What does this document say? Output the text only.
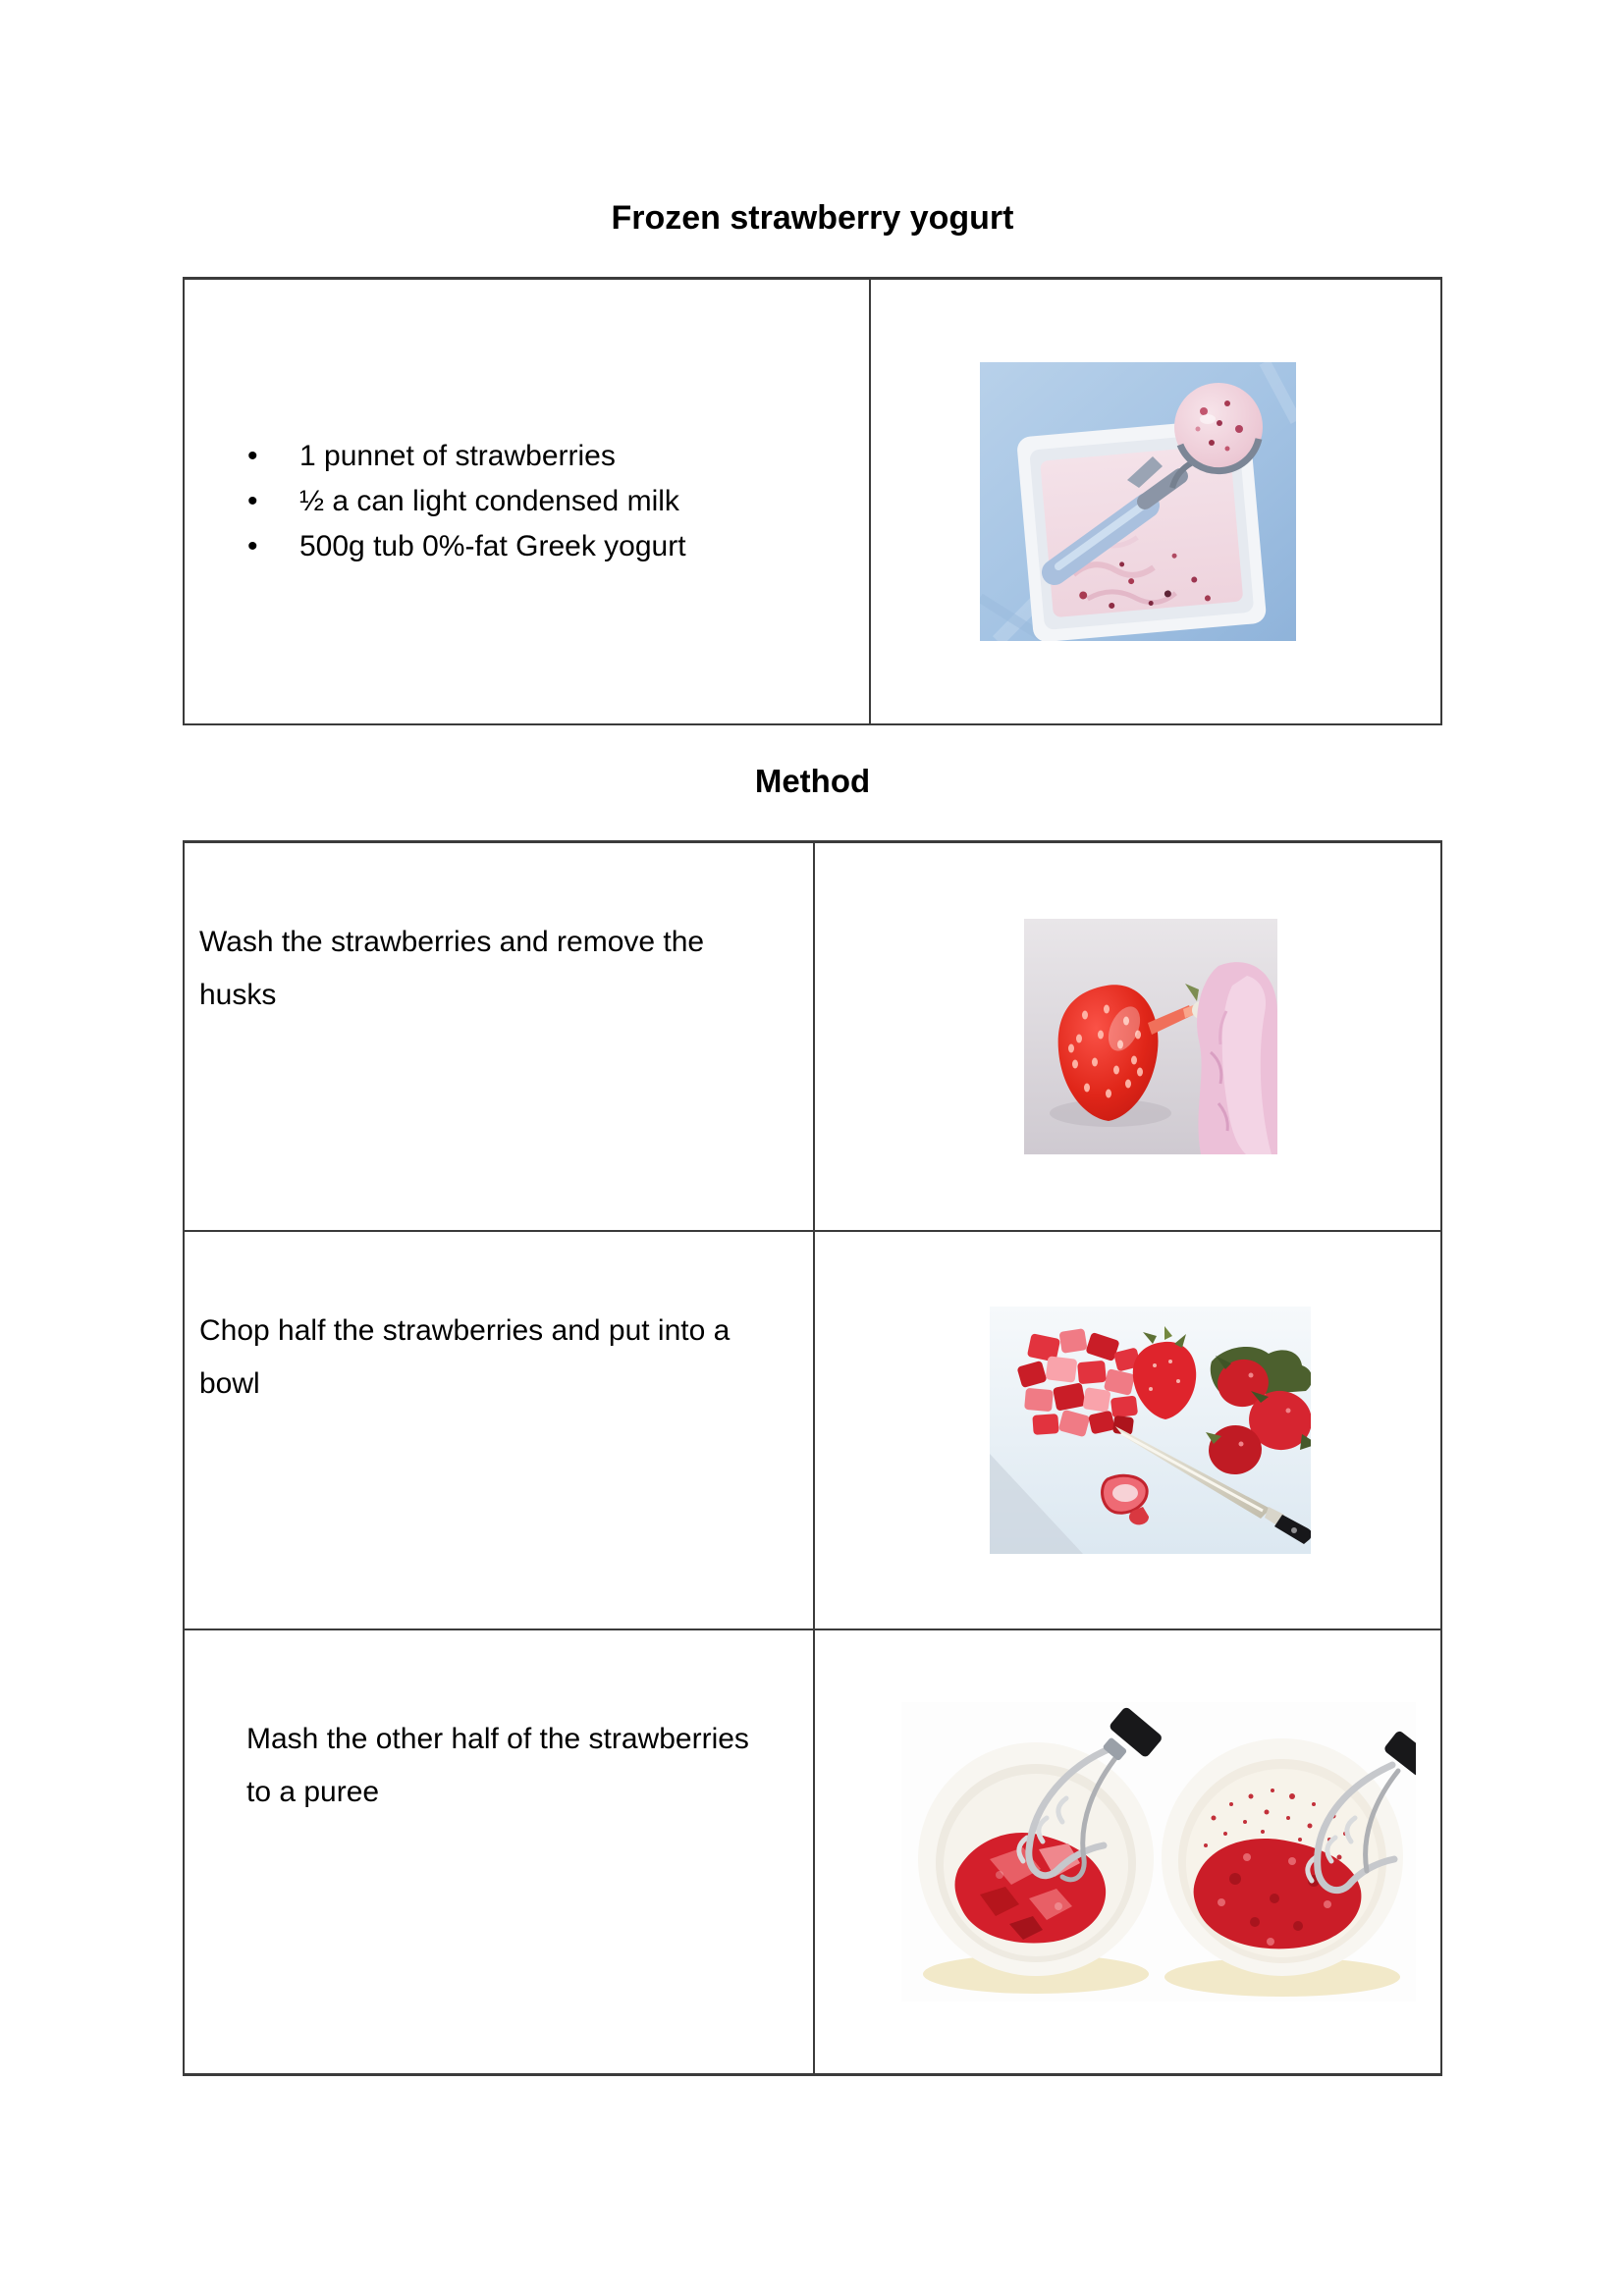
Frozen strawberry yogurt
• 1 punnet of strawberries
• ½ a can light condensed milk
• 500g tub 0%-fat Greek yogurt
Method

Wash the strawberries and remove the husks

Chop half the strawberries and put into a bowl

Mash the other half of the strawberries to a puree
